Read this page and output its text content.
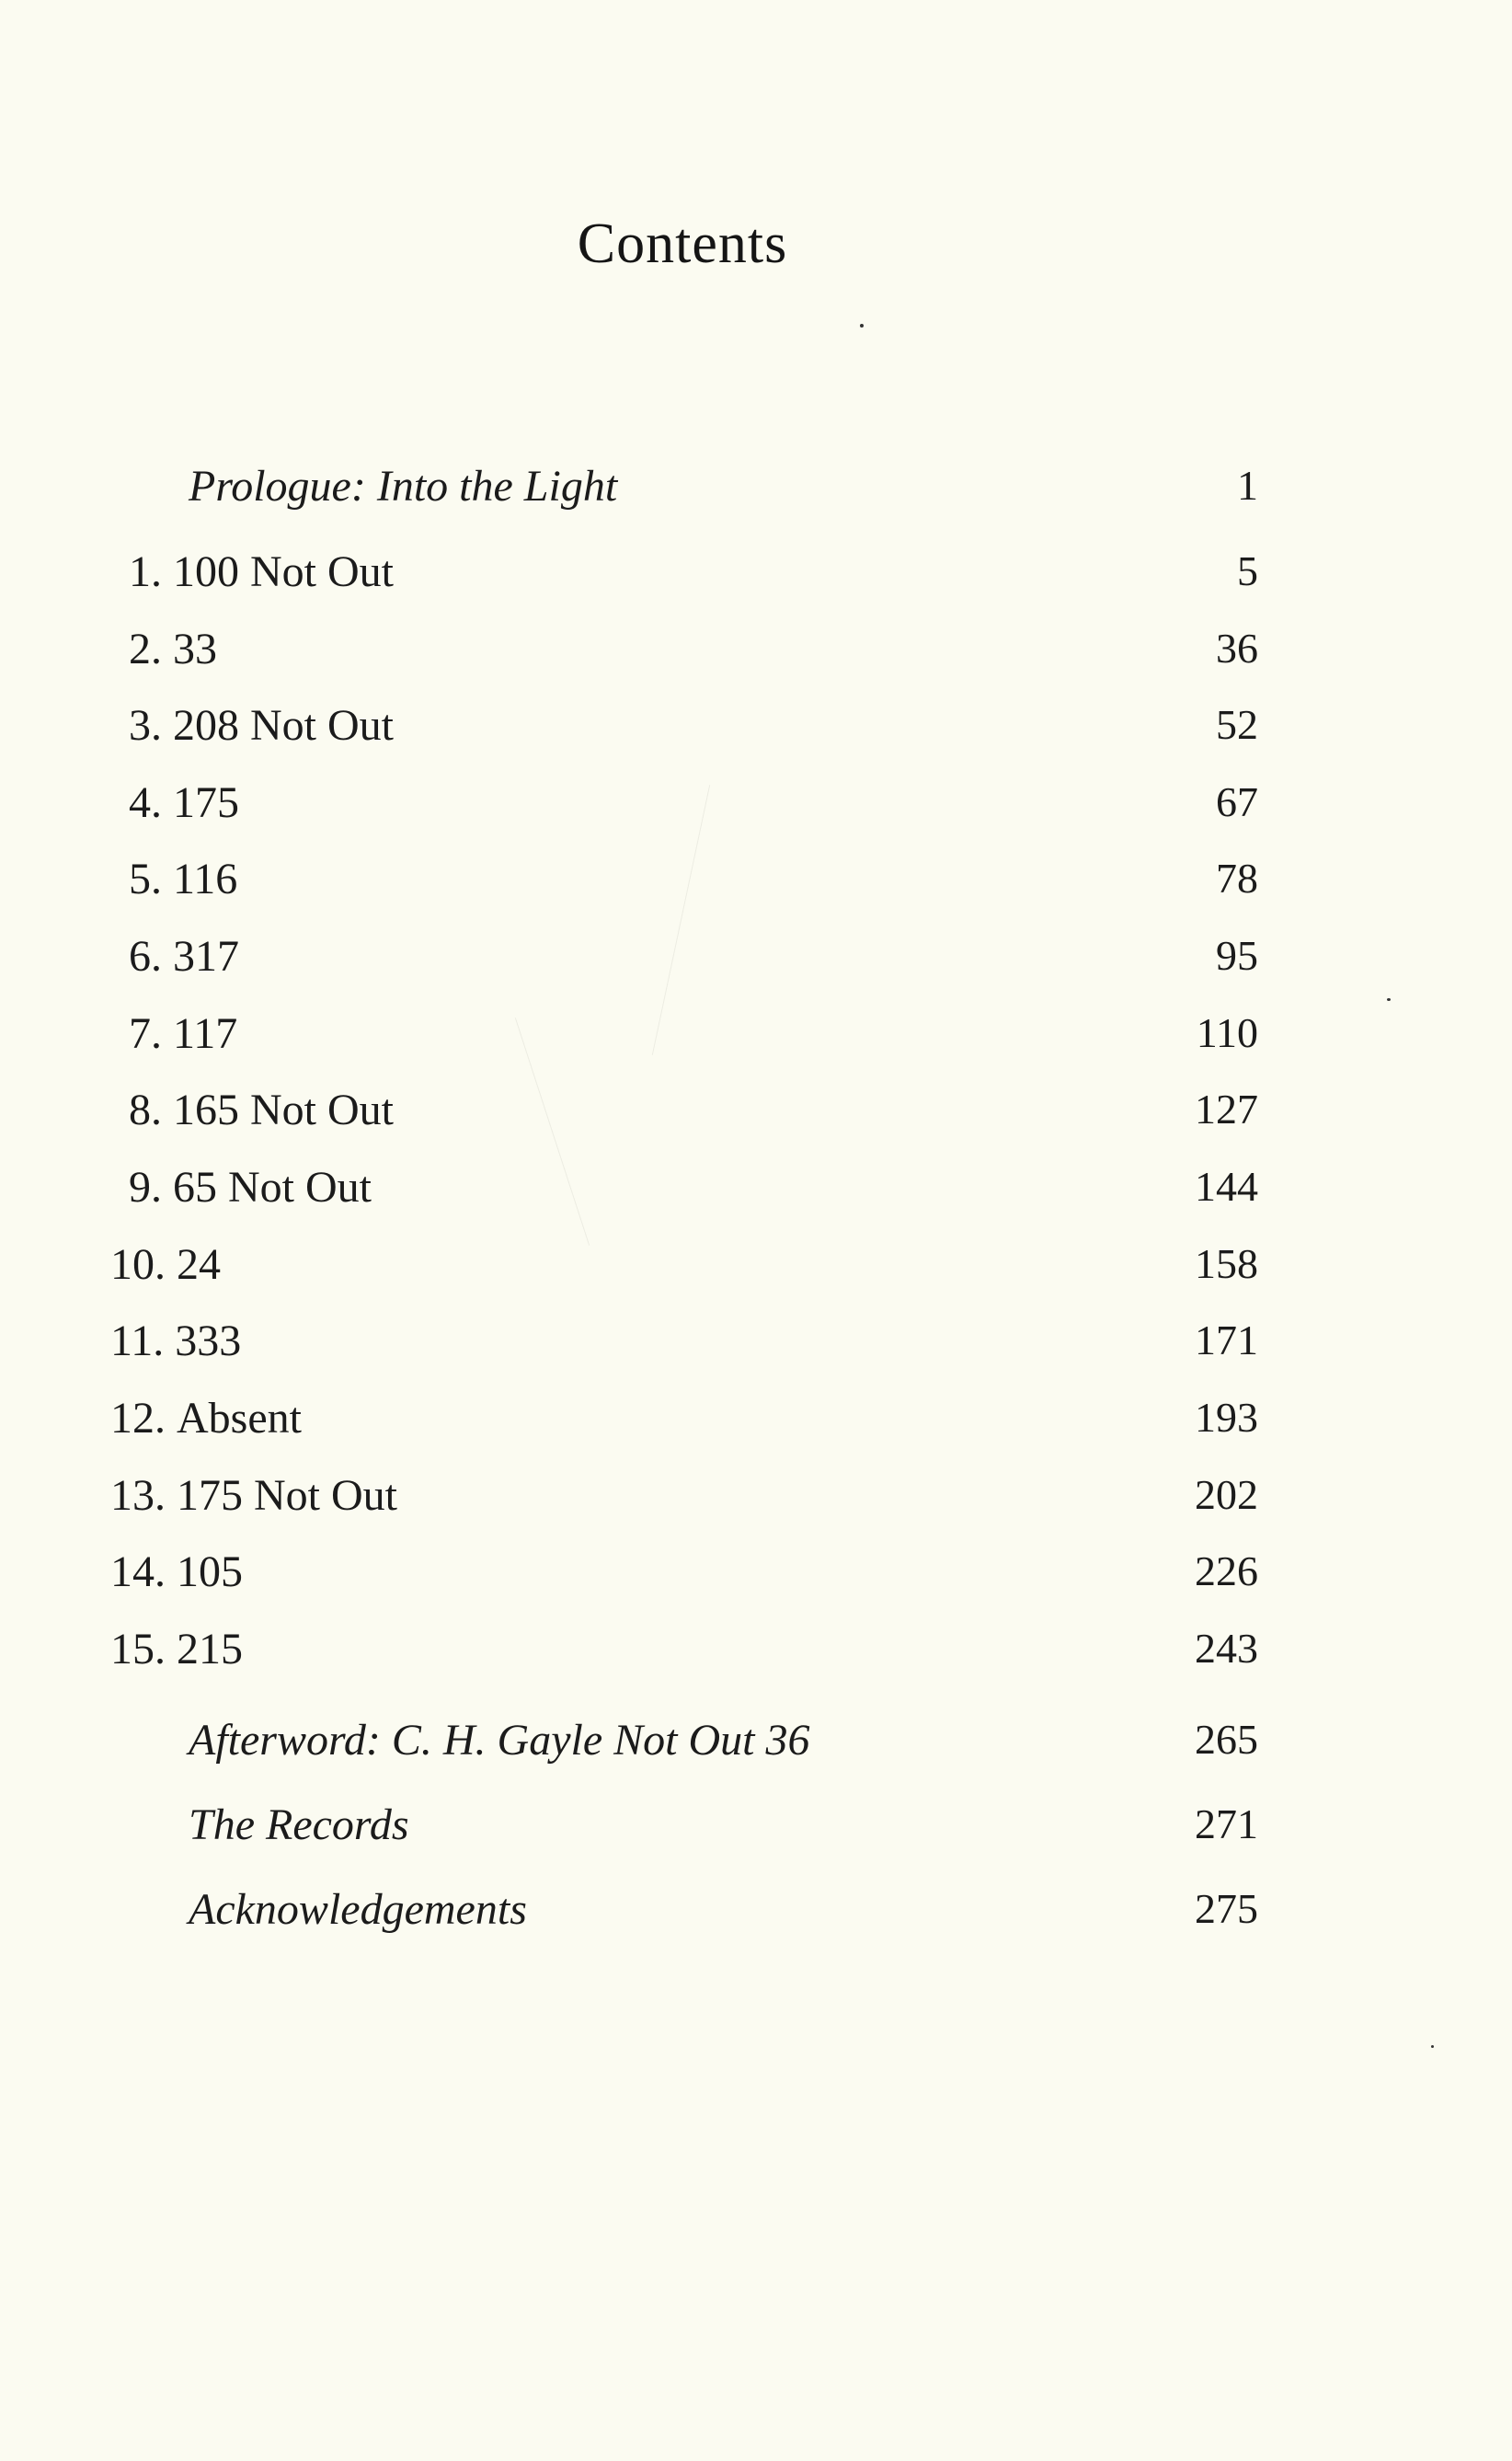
Contents
Prologue: Into the Light	1
1. 100 Not Out	5
2. 33	36
3. 208 Not Out	52
4. 175	67
5. 116	78
6. 317	95
7. 117	110
8. 165 Not Out	127
9. 65 Not Out	144
10. 24	158
11. 333	171
12. Absent	193
13. 175 Not Out	202
14. 105	226
15. 215	243
Afterword: C. H. Gayle Not Out 36	265
The Records	271
Acknowledgements	275
